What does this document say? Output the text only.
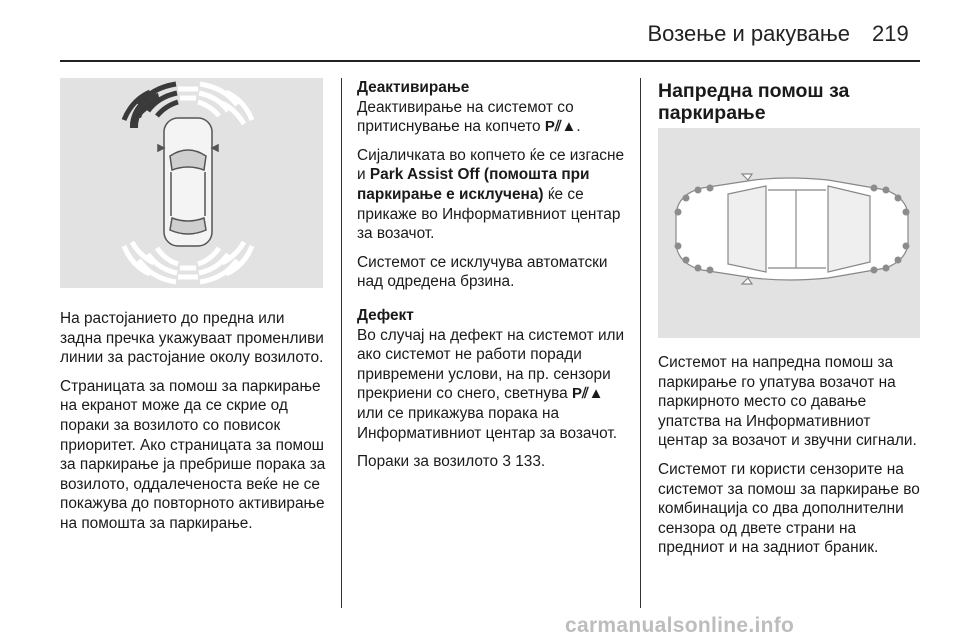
Возење и ракување 219

На растојанието до предна или задна пречка укажуваат променливи линии за растојание околу возилото.

Страницата за помош за паркирање на екранот може да се скрие од пораки за возилото со повисок приоритет. Ако страницата за помош за паркирање ја пребрише порака за возилото, оддалеченоста веќе не се покажува до повторното активирање на помошта за паркирање.

Деактивирање

Деактивирање на системот со притиснување на копчето P⫽▲.

Сијаличката во копчето ќе се изгасне и Park Assist Off (помошта при паркирање е исклучена) ќе се прикаже во Информативниот центар за возачот.

Системот се исклучува автоматски над одредена брзина.

Дефект

Во случај на дефект на системот или ако системот не работи поради привремени услови, на пр. сензори прекриени со снего, светнува P⫽▲ или се прикажува порака на Информативниот центар за возачот.

Пораки за возилото 3 133.

Напредна помош за паркирање

Системот на напредна помош за паркирање го упатува возачот на паркирното место со давање упатства на Информативниот центар за возачот и звучни сигнали.

Системот ги користи сензорите на системот за помош за паркирање во комбинација со два дополнителни сензора од двете страни на предниот и на задниот браник.

carmanualsonline.info
